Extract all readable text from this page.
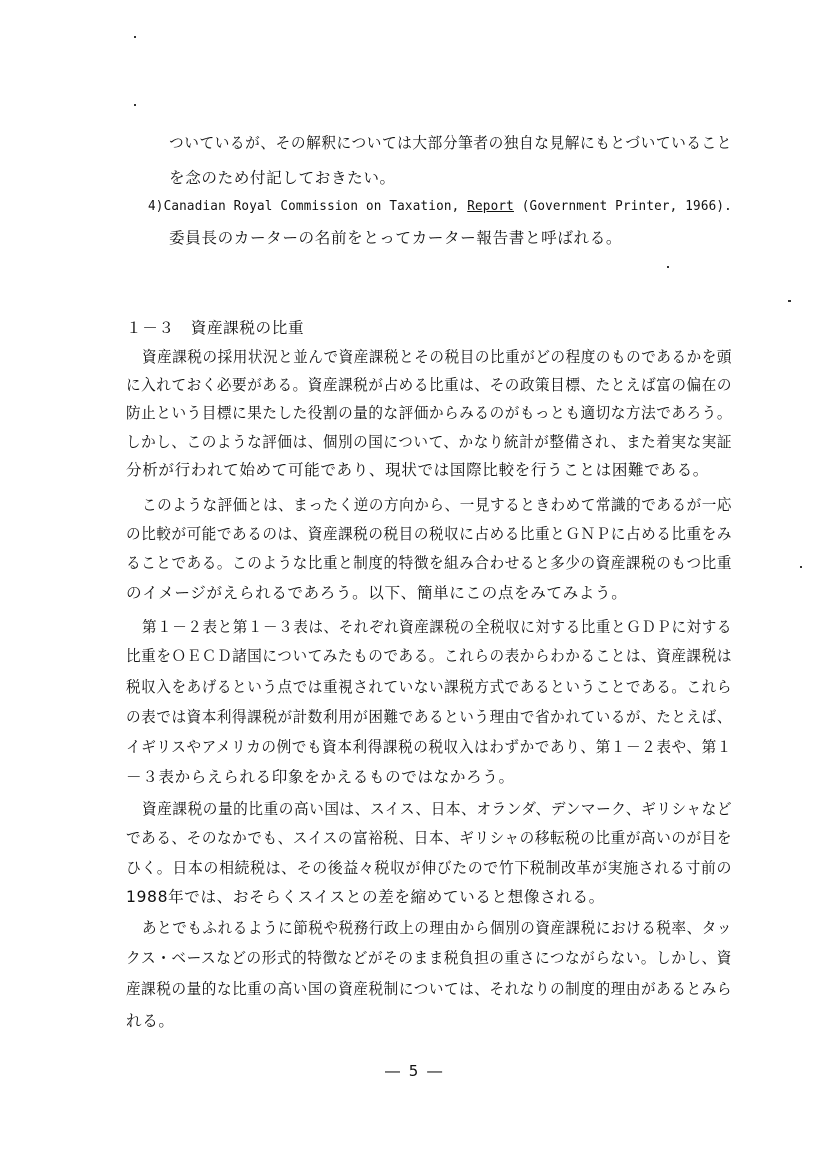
ついているが、その解釈については大部分筆者の独自な見解にもとづいていること
を念のため付記しておきたい。
4)Canadian Royal Commission on Taxation, Report (Government Printer, 1966).
委員長のカーターの名前をとってカーター報告書と呼ばれる。
１－３　資産課税の比重
資産課税の採用状況と並んで資産課税とその税目の比重がどの程度のものであるかを頭
に入れておく必要がある。資産課税が占める比重は、その政策目標、たとえば富の偏在の
防止という目標に果たした役割の量的な評価からみるのがもっとも適切な方法であろう。
しかし、このような評価は、個別の国について、かなり統計が整備され、また着実な実証
分析が行われて始めて可能であり、現状では国際比較を行うことは困難である。
このような評価とは、まったく逆の方向から、一見するときわめて常識的であるが一応
の比較が可能であるのは、資産課税の税目の税収に占める比重とＧＮＰに占める比重をみ
ることである。このような比重と制度的特徴を組み合わせると多少の資産課税のもつ比重
のイメージがえられるであろう。以下、簡単にこの点をみてみよう。
第１－２表と第１－３表は、それぞれ資産課税の全税収に対する比重とＧＤＰに対する
比重をＯＥＣＤ諸国についてみたものである。これらの表からわかることは、資産課税は
税収入をあげるという点では重視されていない課税方式であるということである。これら
の表では資本利得課税が計数利用が困難であるという理由で省かれているが、たとえば、
イギリスやアメリカの例でも資本利得課税の税収入はわずかであり、第１－２表や、第１
－３表からえられる印象をかえるものではなかろう。
資産課税の量的比重の高い国は、スイス、日本、オランダ、デンマーク、ギリシャなど
である、そのなかでも、スイスの富裕税、日本、ギリシャの移転税の比重が高いのが目を
ひく。日本の相続税は、その後益々税収が伸びたので竹下税制改革が実施される寸前の
1988年では、おそらくスイスとの差を縮めていると想像される。
あとでもふれるように節税や税務行政上の理由から個別の資産課税における税率、タッ
クス・ベースなどの形式的特徴などがそのまま税負担の重さにつながらない。しかし、資
産課税の量的な比重の高い国の資産税制については、それなりの制度的理由があるとみら
れる。
― 5 ―
